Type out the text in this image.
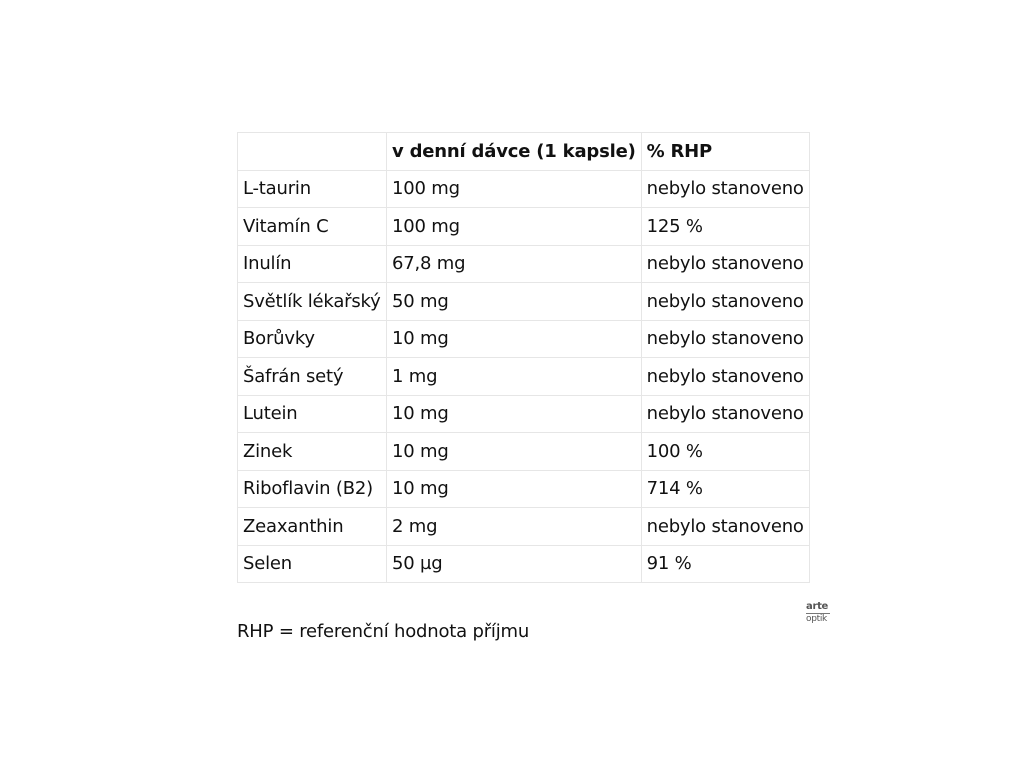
	v denní dávce (1 kapsle)	% RHP
L-taurin	100 mg	nebylo stanoveno
Vitamín C	100 mg	125 %
Inulín	67,8 mg	nebylo stanoveno
Světlík lékařský	50 mg	nebylo stanoveno
Borůvky	10 mg	nebylo stanoveno
Šafrán setý	1 mg	nebylo stanoveno
Lutein	10 mg	nebylo stanoveno
Zinek	10 mg	100 %
Riboflavin (B2)	10 mg	714 %
Zeaxanthin	2 mg	nebylo stanoveno
Selen	50 µg	91 %
arte
optik
RHP = referenční hodnota příjmu
